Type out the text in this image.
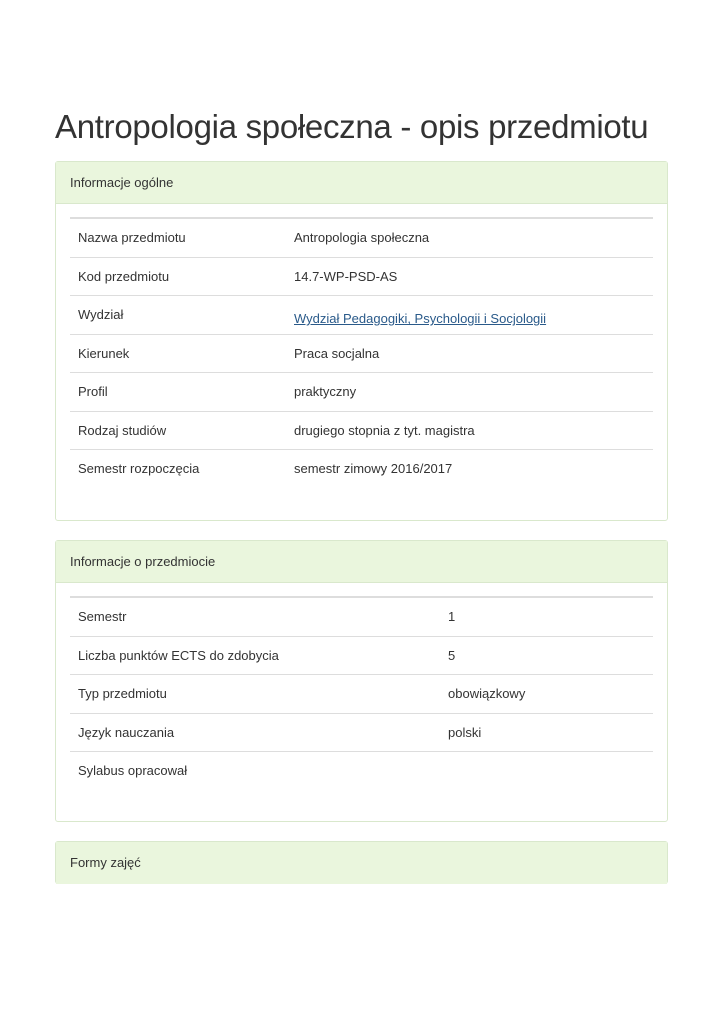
Antropologia społeczna - opis przedmiotu
Informacje ogólne
Nazwa przedmiotu	Antropologia społeczna
Kod przedmiotu	14.7-WP-PSD-AS
Wydział	Wydział Pedagogiki, Psychologii i Socjologii
Kierunek	Praca socjalna
Profil	praktyczny
Rodzaj studiów	drugiego stopnia z tyt. magistra
Semestr rozpoczęcia	semestr zimowy 2016/2017
Informacje o przedmiocie
Semestr	1
Liczba punktów ECTS do zdobycia	5
Typ przedmiotu	obowiązkowy
Język nauczania	polski
Sylabus opracował	
Formy zajęć
